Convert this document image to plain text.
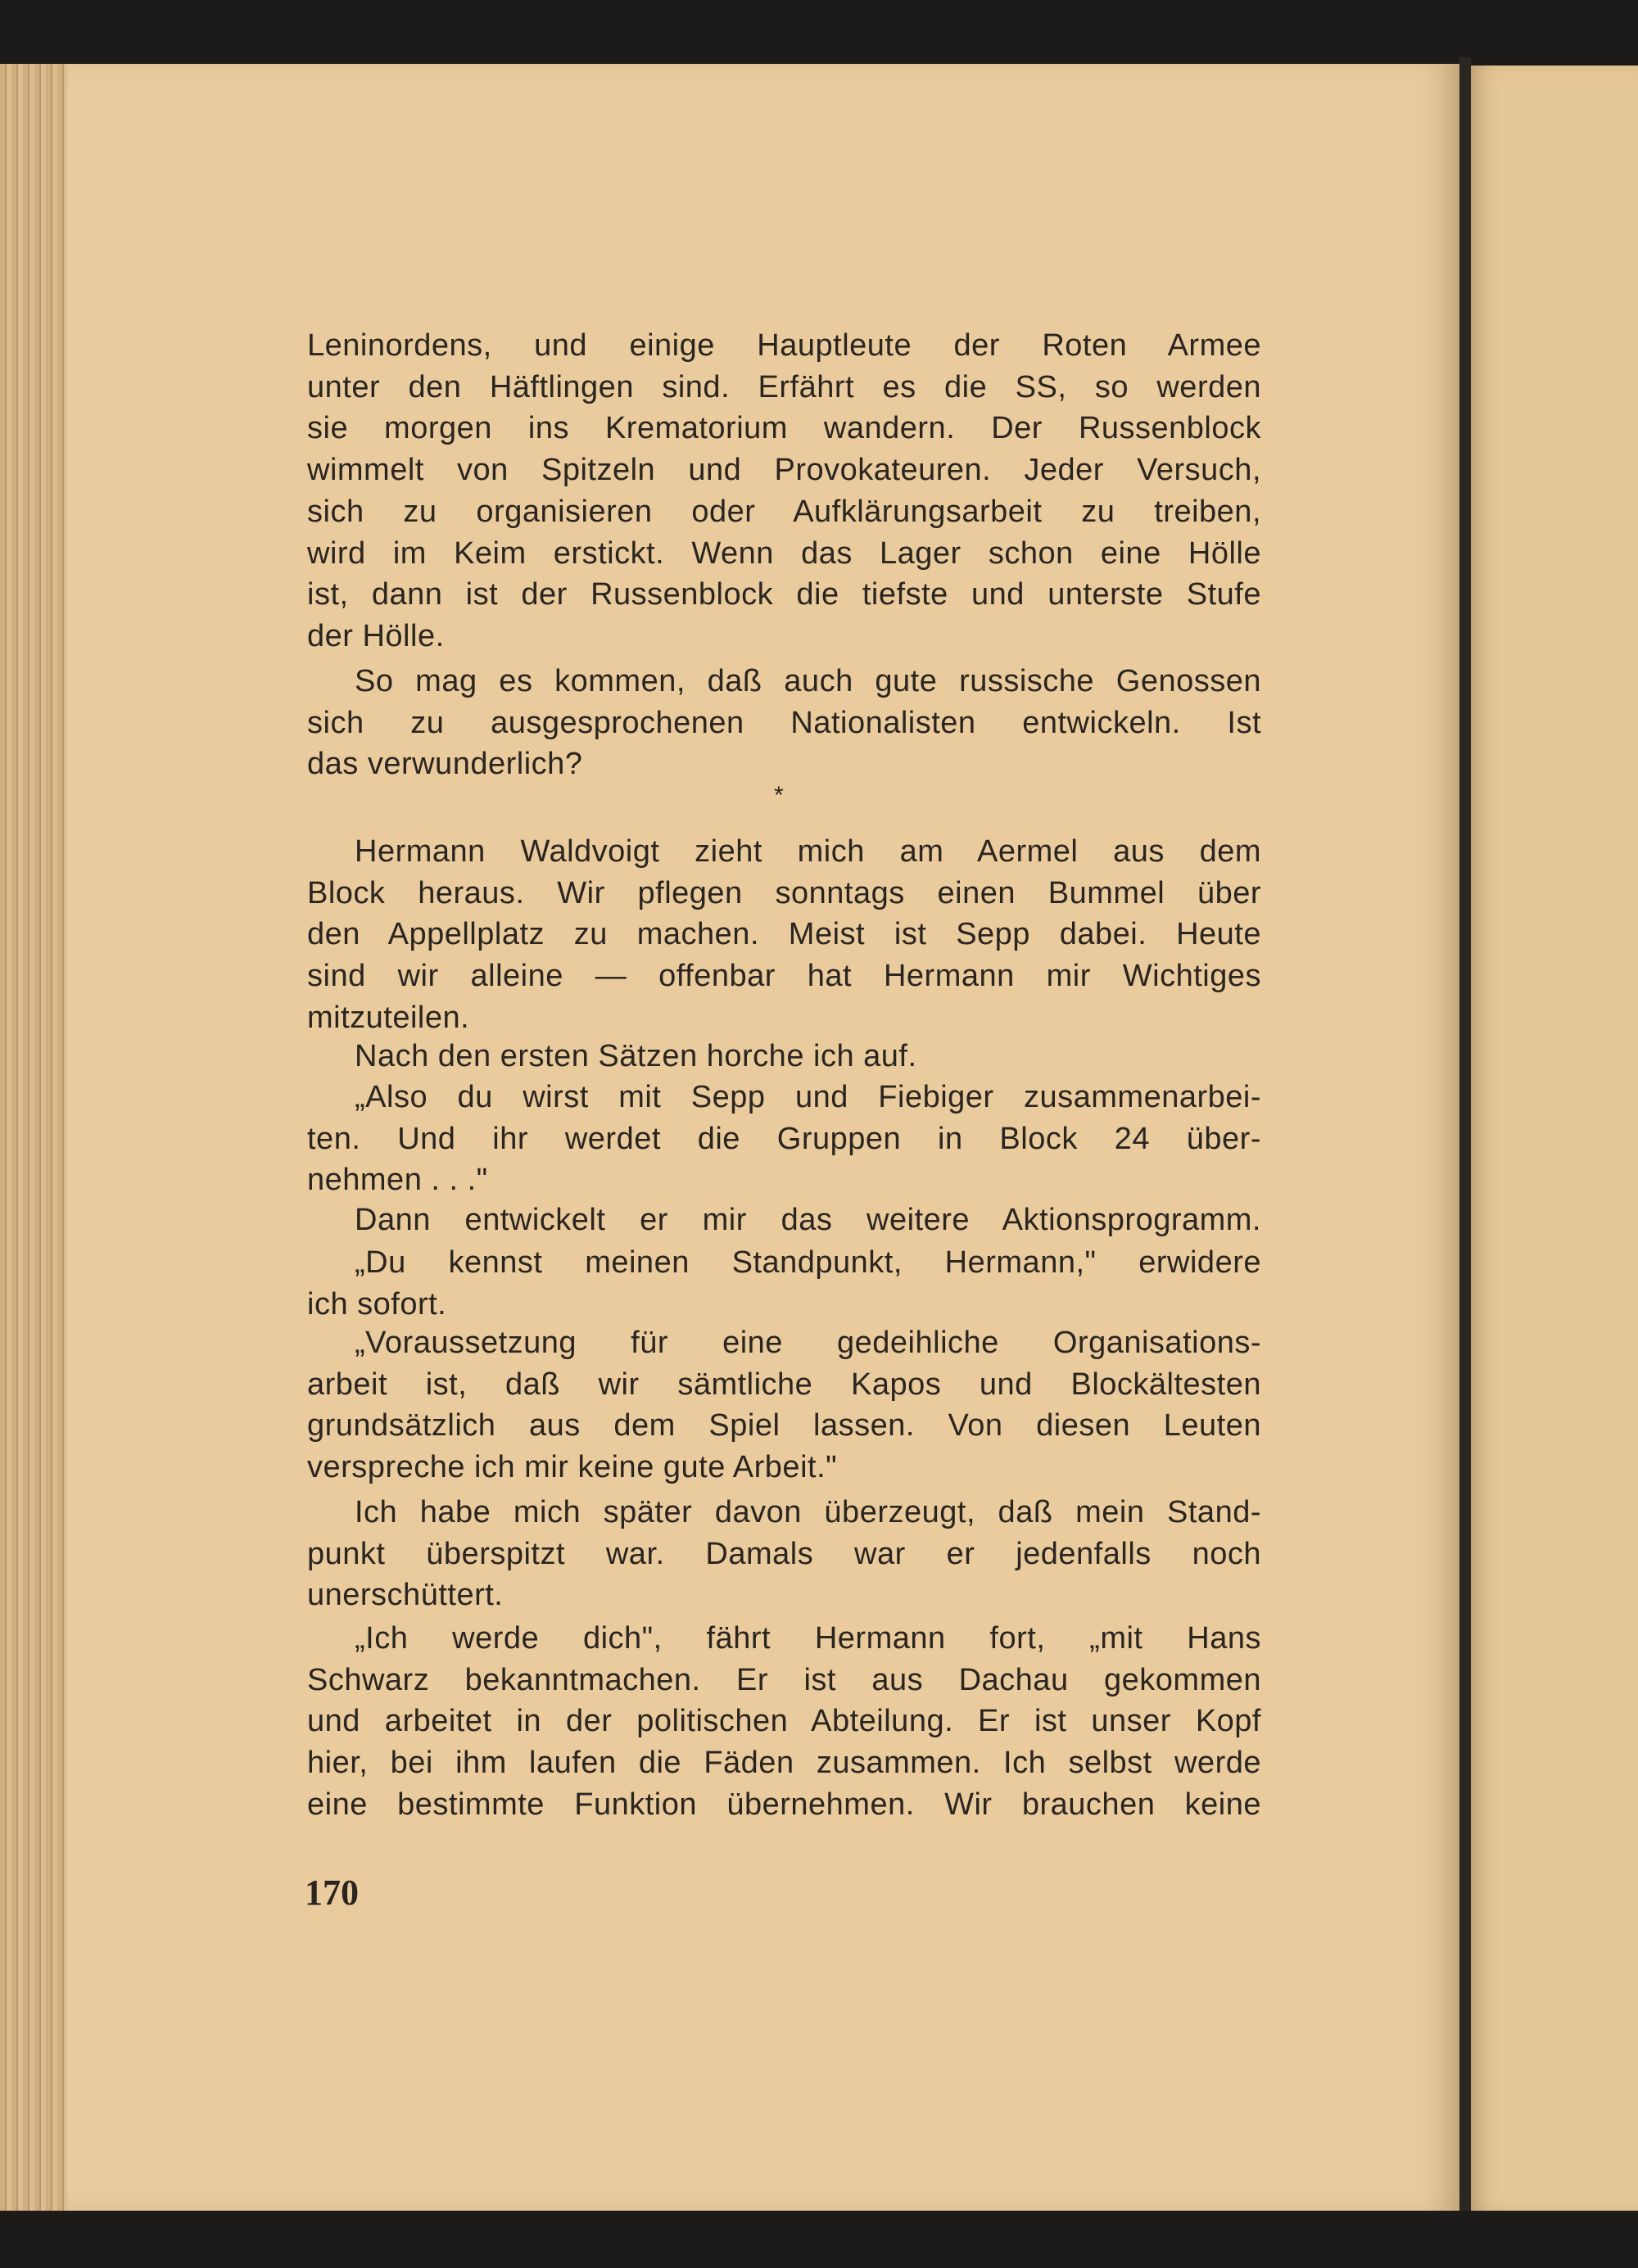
Leninordens, und einige Hauptleute der Roten Armee
unter den Häftlingen sind. Erfährt es die SS, so werden
sie morgen ins Krematorium wandern. Der Russenblock
wimmelt von Spitzeln und Provokateuren. Jeder Versuch,
sich zu organisieren oder Aufklärungsarbeit zu treiben,
wird im Keim erstickt. Wenn das Lager schon eine Hölle
ist, dann ist der Russenblock die tiefste und unterste Stufe
der Hölle.
So mag es kommen, daß auch gute russische Genossen
sich zu ausgesprochenen Nationalisten entwickeln. Ist
das verwunderlich?
Hermann Waldvoigt zieht mich am Aermel aus dem
Block heraus. Wir pflegen sonntags einen Bummel über
den Appellplatz zu machen. Meist ist Sepp dabei. Heute
sind wir alleine — offenbar hat Hermann mir Wichtiges
mitzuteilen.
Nach den ersten Sätzen horche ich auf.
„Also du wirst mit Sepp und Fiebiger zusammenarbei-
ten. Und ihr werdet die Gruppen in Block 24 über-
nehmen . . ."
Dann entwickelt er mir das weitere Aktionsprogramm.
„Du kennst meinen Standpunkt, Hermann," erwidere
ich sofort.
„Voraussetzung für eine gedeihliche Organisations-
arbeit ist, daß wir sämtliche Kapos und Blockältesten
grundsätzlich aus dem Spiel lassen. Von diesen Leuten
verspreche ich mir keine gute Arbeit."
Ich habe mich später davon überzeugt, daß mein Stand-
punkt überspitzt war. Damals war er jedenfalls noch
unerschüttert.
„Ich werde dich", fährt Hermann fort, „mit Hans
Schwarz bekanntmachen. Er ist aus Dachau gekommen
und arbeitet in der politischen Abteilung. Er ist unser Kopf
hier, bei ihm laufen die Fäden zusammen. Ich selbst werde
eine bestimmte Funktion übernehmen. Wir brauchen keine
*
170
